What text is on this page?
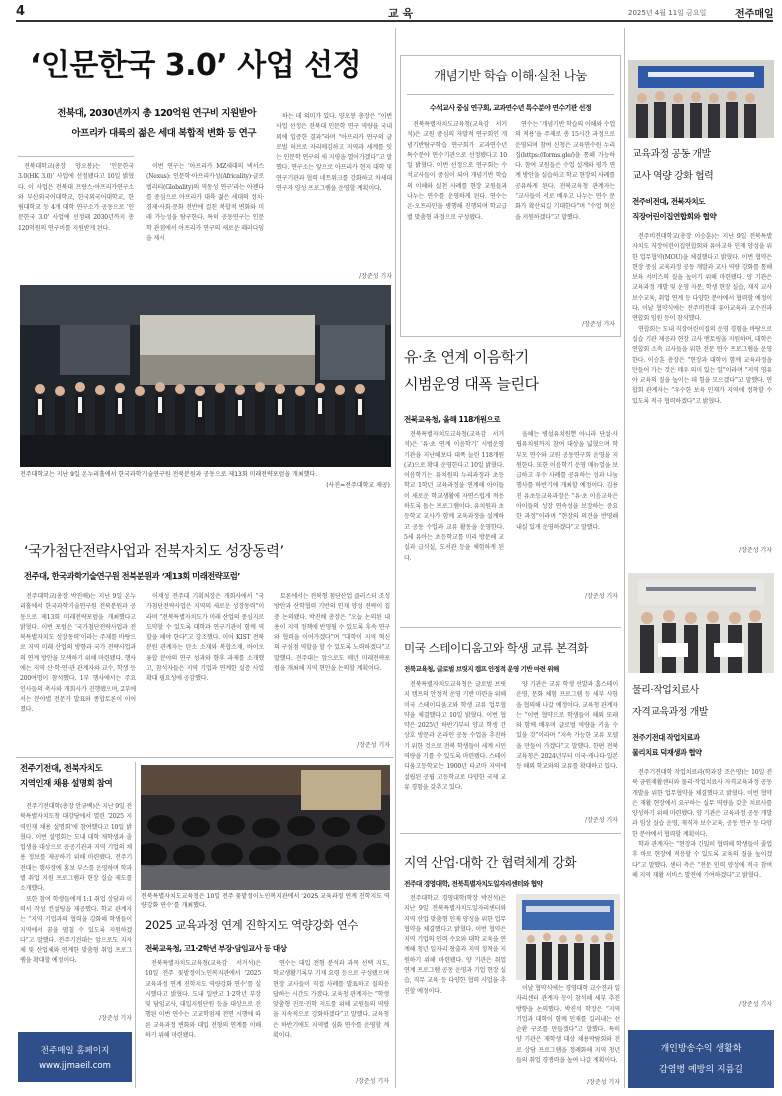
4	교 육	2025년 4월 11일 금요일	전주매일
‘인문한국 3.0’ 사업 선정
전북대, 2030년까지 총 120억원 연구비 지원받아
아프리카 대륙의 젊은 세대 복합적 변화 등 연구

전북대학교(총장 양오봉)는 ‘인문한국 3.0(HK 3.0)’ 사업에 선정됐다고 10일 밝혔다. 이 사업은 전북대 프랑스·아프리카연구소와 부산외국어대학교, 한국외국어대학교, 한림대학교 등 4개 대학 연구소가 공동으로 ‘인문한국 3.0’ 사업에 선정돼 2030년까지 총 120억원의 연구비를 지원받게 된다.

이번 연구는 ‘아프리카 MZ세대의 넥서스(Nexus): 인문학·아프리카성(Africality)·글로벌리티(Globality)의 역동성 연구’라는 아젠다를 중심으로 아프리카 대륙 젊은 세대의 정치·경제·사회·문화 전반에 걸친 복합적 변화와 미래 가능성을 탐구한다. 특히 공동연구는 인문학 관점에서 아프리카 연구의 새로운 패러다임을 제시

하는 데 의미가 있다. 양오봉 총장은 “이번 사업 선정은 전북대 인문학 연구 역량을 국내외에 입증한 결과”라며 “아프리카 연구의 글로벌 허브로 자리매김하고 지역과 세계를 잇는 인문학 연구의 새 지평을 열어가겠다”고 말했다. 연구소는 앞으로 아프리카 현지 대학 및 연구기관과 협력 네트워크를 강화하고 차세대 연구자 양성 프로그램을 운영할 계획이다.

/장준성 기자
전주대학교는 지난 9일 온누리홀에서 한국과학기술연구원 전북분원과 공동으로 제13회 미래전략포럼을 개최했다.
(사진=전주대학교 제공)
‘국가첨단전략사업과 전북자치도 성장동력’
전주대, 한국과학기술연구원 전북분원과 ‘제13회 미래전략포럼’

전주대학교(총장 박진배)는 지난 9일 온누리홀에서 한국과학기술연구원 전북분원과 공동으로 제13회 미래전략포럼을 개최했다고 밝혔다. 이번 포럼은 ‘국가첨단전략사업과 전북특별자치도 성장동력’이라는 주제를 바탕으로 지역 미래 산업의 방향과 국가 전략사업과의 연계 방안을 모색하기 위해 마련됐다. 행사에는 지역 산·학·연·관 관계자와 교수, 학생 등 200여명이 참석했다. 1부 행사에서는 주요 인사들의 축사와 개회사가 진행됐으며, 2부에서는 분야별 전문가 발표와 종합토론이 이어졌다.

이재성 전주대 기획처장은 개회사에서 “국가첨단전략사업은 지역의 새로운 성장동력”이라며 “전북특별자치도가 미래 산업의 중심지로 도약할 수 있도록 대학과 연구기관이 함께 역할을 해야 한다”고 강조했다. 이어 KIST 전북분원 관계자는 탄소 소재와 복합소재, 바이오 융합 분야의 연구 성과와 향후 과제를 소개했고, 참석자들은 지역 기업과 연계한 실증 사업 확대 필요성에 공감했다.

토론에서는 전북형 첨단산업 클러스터 조성 방안과 산학협력 기반의 인재 양성 전략이 집중 논의됐다. 박진배 총장은 “오늘 논의된 내용이 지역 정책에 반영될 수 있도록 후속 연구와 협력을 이어가겠다”며 “대학이 지역 혁신의 구심점 역할을 할 수 있도록 노력하겠다”고 말했다. 전주대는 앞으로도 매년 미래전략포럼을 개최해 지역 현안을 논의할 계획이다.

/장준성 기자
전주기전대, 전북자치도
지역인재 채용 설명회 참여

전주기전대학(총장 안규백)은 지난 9일 전북특별자치도청 대강당에서 열린 ‘2025 지역인재 채용 설명회’에 참여했다고 10일 밝혔다. 이번 설명회는 도내 대학 재학생과 졸업생을 대상으로 공공기관과 지역 기업의 채용 정보를 제공하기 위해 마련됐다. 전주기전대는 행사장에 홍보 부스를 운영하며 학과별 취업 지원 프로그램과 현장 실습 제도를 소개했다.

또한 참여 학생들에게 1:1 취업 상담과 이력서 작성 컨설팅을 제공했다. 학교 관계자는 “지역 기업과의 협력을 강화해 학생들이 지역에서 꿈을 펼칠 수 있도록 지원하겠다”고 말했다. 전주기전대는 앞으로도 지자체 및 산업체와 연계한 맞춤형 취업 프로그램을 확대할 예정이다.

/장준성 기자
전주매일 홈페이지
www.jjmaeil.com
전북특별자치도교육청은 10일 전주 꽃밭정이노인복지관에서 ‘2025 교육과정 연계 진학지도 역량강화 연수’를 개최했다.
2025 교육과정 연계 진학지도 역량강화 연수
전북교육청, 고1·2학년 부장·담임교사 등 대상

전북특별자치도교육청(교육감 서거석)은 10일 전주 꽃밭정이노인복지관에서 ‘2025 교육과정 연계 진학지도 역량강화 연수’를 실시했다고 밝혔다. 도내 일반고 1·2학년 부장 및 담임교사, 대입지원단원 등을 대상으로 진행된 이번 연수는 고교학점제 전면 시행에 따른 교육과정 변화와 대입 전형의 연계를 이해하기 위해 마련됐다.

연수는 대입 전형 분석과 과목 선택 지도, 학교생활기록부 기재 요령 등으로 구성됐으며 현장 교사들이 직접 사례를 발표하고 질의응답하는 시간도 가졌다. 교육청 관계자는 “학생 맞춤형 진로·진학 지도를 위해 교원들의 역량을 지속적으로 강화하겠다”고 말했다. 교육청은 하반기에도 지역별 심화 연수를 운영할 계획이다.

/장준성 기자
개념기반 학습 이해·실천 나눔
수석교사 중심 연구회, 교과연수년 특수분야 연수기관 선정

전북특별자치도교육청(교육감 서거석)은 교원 중심의 자발적 연구회인 개념기반탐구학습 연구회가 교과연수년 특수분야 연수기관으로 선정됐다고 10일 밝혔다. 이번 선정으로 연구회는 수석교사들이 중심이 되어 개념기반 학습의 이해와 실천 사례를 현장 교원들과 나누는 연수를 운영하게 된다. 연수는 온·오프라인을 병행해 진행되며 학교급별 맞춤형 과정으로 구성됐다.

연수는 ‘개념기반 학습의 이해와 수업의 적용’을 주제로 총 15시간 과정으로 운영되며 참여 신청은 교육연수원 누리집(https://forms.gle/)을 통해 가능하다. 참여 교원들은 수업 설계와 평가 연계 방안을 실습하고 학교 현장의 사례를 공유하게 된다. 전북교육청 관계자는 “교사들이 서로 배우고 나누는 연수 문화가 확산되길 기대한다”며 “수업 혁신을 지원하겠다”고 말했다.

/장준성 기자
유·초 연계 이음학기
시범운영 대폭 늘린다
전북교육청, 올해 118개원으로

전북특별자치도교육청(교육감 서거석)은 ‘유·초 연계 이음학기’ 시범운영 기관을 지난해보다 대폭 늘린 118개원(교)으로 확대 운영한다고 10일 밝혔다. 이음학기는 유치원의 누리과정과 초등학교 1학년 교육과정을 연계해 아이들이 새로운 학교생활에 자연스럽게 적응하도록 돕는 프로그램이다. 유치원과 초등학교 교사가 함께 교육과정을 설계하고 공동 수업과 교류 활동을 운영한다. 5세 유아는 초등학교를 미리 방문해 교실과 급식실, 도서관 등을 체험하게 된다.

올해는 병설유치원뿐 아니라 단설·사립유치원까지 참여 대상을 넓혔으며 학부모 연수와 교원 공동연구회 운영을 지원한다. 또한 이음학기 운영 매뉴얼을 보급하고 우수 사례를 공유하는 성과 나눔 행사를 하반기에 개최할 예정이다. 김용진 유초등교육과장은 “유·초 이음교육은 아이들의 성장 연속성을 보장하는 중요한 과정”이라며 “현장의 의견을 반영해 내실 있게 운영하겠다”고 말했다.

/장준성 기자
미국 스테이디움고와 학생 교류 본격화
전북교육청, 글로벌 브릿지 캠프 안정적 운영 기반 마련 위해

전북특별자치도교육청은 글로벌 브릿지 캠프의 안정적 운영 기반 마련을 위해 미국 스테이디움고와 학생 교류 업무협약을 체결했다고 10일 밝혔다. 이번 협약은 2025년 하반기부터 양교 학생 간 상호 방문과 온라인 공동 수업을 추진하기 위한 것으로 전북 학생들이 세계 시민 역량을 기를 수 있도록 마련됐다. 스테이디움고등학교는 1900년 타코마 지역에 설립된 공립 고등학교로 다양한 국제 교류 경험을 갖추고 있다.

양 기관은 교류 학생 선발과 홈스테이 운영, 문화 체험 프로그램 등 세부 사항을 협의해 나갈 예정이다. 교육청 관계자는 “이번 협약으로 학생들이 해외 또래와 함께 배우며 글로벌 역량을 키울 수 있을 것”이라며 “지속 가능한 교류 모델을 만들어 가겠다”고 말했다. 한편 전북교육청은 2024년부터 미국·캐나다·일본 등 해외 학교와의 교류를 확대하고 있다.

/장준성 기자
지역 산업·대학 간 협력체계 강화
전주대 경영대학, 전북특별자치도일자리센터와 협약

전주대학교 경영대학(학장 박진석)은 지난 9일 전북특별자치도일자리센터와 지역 산업 맞춤형 인재 양성을 위한 업무협약을 체결했다고 밝혔다. 이번 협약은 지역 기업의 인력 수요와 대학 교육을 연계해 청년 일자리 창출과 지역 정착을 지원하기 위해 마련됐다. 양 기관은 취업 연계 프로그램 공동 운영과 기업 현장 실습, 직무 교육 등 다양한 협력 사업을 추진할 예정이다.	이날 협약식에는 경영대학 교수진과 일자리센터 관계자 등이 참석해 세부 추진 방향을 논의했다. 박진석 학장은 “지역 기업과 대학이 함께 인재를 길러내는 선순환 구조를 만들겠다”고 말했다. 특히 양 기관은 재학생 대상 채용박람회와 진로 상담 프로그램을 정례화해 지역 청년들의 취업 경쟁력을 높여 나갈 계획이다.

/장준성 기자
교육과정 공동 개발
교사 역량 강화 협력
전주비전대, 전북자치도
직장어린이집연합회와 협약

전주비전대학교(총장 이승훈)는 지난 9일 전북특별자치도 직장어린이집연합회와 유아교육 인재 양성을 위한 업무협약(MOU)을 체결했다고 밝혔다. 이번 협약은 현장 중심 교육과정 공동 개발과 교사 역량 강화를 통해 보육 서비스의 질을 높이기 위해 마련됐다. 양 기관은 교육과정 개발 및 운영 자문, 학생 현장 실습, 재직 교사 보수교육, 취업 연계 등 다양한 분야에서 협력할 예정이다. 이날 협약식에는 전주비전대 유아교육과 교수진과 연합회 임원 등이 참석했다.

연합회는 도내 직장어린이집의 운영 경험을 바탕으로 실습 기관 제공과 현장 교사 멘토링을 지원하며, 대학은 연합회 소속 교사들을 위한 전문 연수 프로그램을 운영한다. 이승훈 총장은 “현장과 대학이 함께 교육과정을 만들어 가는 것은 매우 의미 있는 일”이라며 “지역 영유아 교육의 질을 높이는 데 힘을 모으겠다”고 말했다. 연합회 관계자는 “우수한 보육 인재가 지역에 정착할 수 있도록 적극 협력하겠다”고 밝혔다.

/장준성 기자
물리·작업치료사
자격교육과정 개발
전주기전대 작업치료과
물리치료 덕재생과 협약

전주기전대학 작업치료과(학과장 조은영)는 10일 전북 금원재활센터와 물리·작업치료사 자격교육과정 공동 개발을 위한 업무협약을 체결했다고 밝혔다. 이번 협약은 재활 현장에서 요구하는 실무 역량을 갖춘 치료사를 양성하기 위해 마련됐다. 양 기관은 교육과정 공동 개발과 임상 실습 운영, 재직자 보수교육, 공동 연구 등 다양한 분야에서 협력할 계획이다.

학과 관계자는 “현장과 긴밀히 협력해 학생들이 졸업 후 바로 현장에 적응할 수 있도록 교육의 질을 높이겠다”고 말했다. 센터 측은 “전문 인력 양성에 적극 참여해 지역 재활 서비스 발전에 기여하겠다”고 밝혔다.

/장준성 기자
개인방송수익 생활화
감염병 예방의 지름길
